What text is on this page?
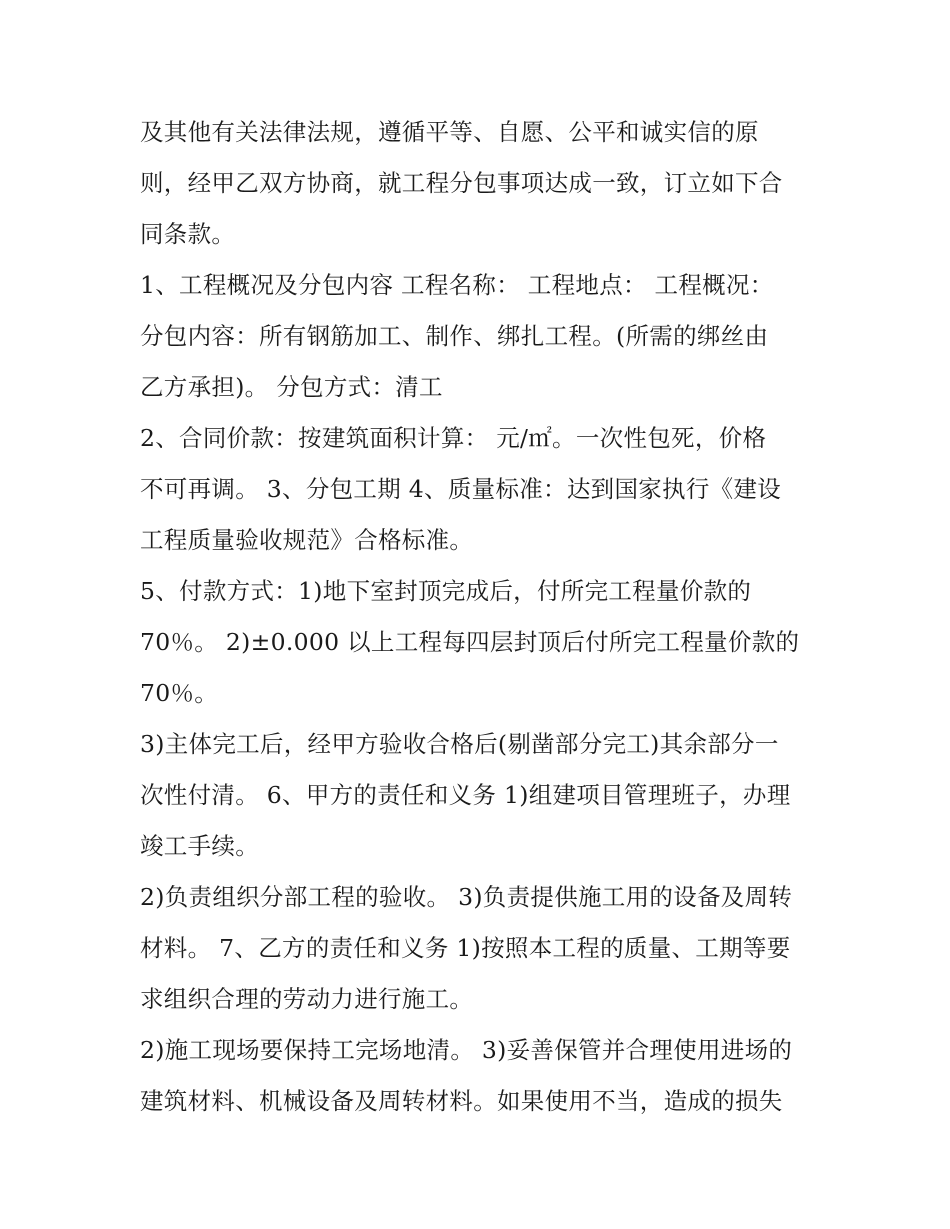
及其他有关法律法规，遵循平等、自愿、公平和诚实信的原
则，经甲乙双方协商，就工程分包事项达成一致，订立如下合
同条款。
1、工程概况及分包内容 工程名称： 工程地点： 工程概况：
分包内容：所有钢筋加工、制作、绑扎工程。(所需的绑丝由
乙方承担)。 分包方式：清工
2、合同价款：按建筑面积计算： 元/㎡。一次性包死，价格
不可再调。 3、分包工期 4、质量标准：达到国家执行《建设
工程质量验收规范》合格标准。
5、付款方式：1)地下室封顶完成后，付所完工程量价款的
70％。 2)±0.000 以上工程每四层封顶后付所完工程量价款的
70％。
3)主体完工后，经甲方验收合格后(剔凿部分完工)其余部分一
次性付清。 6、甲方的责任和义务 1)组建项目管理班子，办理
竣工手续。
2)负责组织分部工程的验收。 3)负责提供施工用的设备及周转
材料。 7、乙方的责任和义务 1)按照本工程的质量、工期等要
求组织合理的劳动力进行施工。
2)施工现场要保持工完场地清。 3)妥善保管并合理使用进场的
建筑材料、机械设备及周转材料。如果使用不当，造成的损失
